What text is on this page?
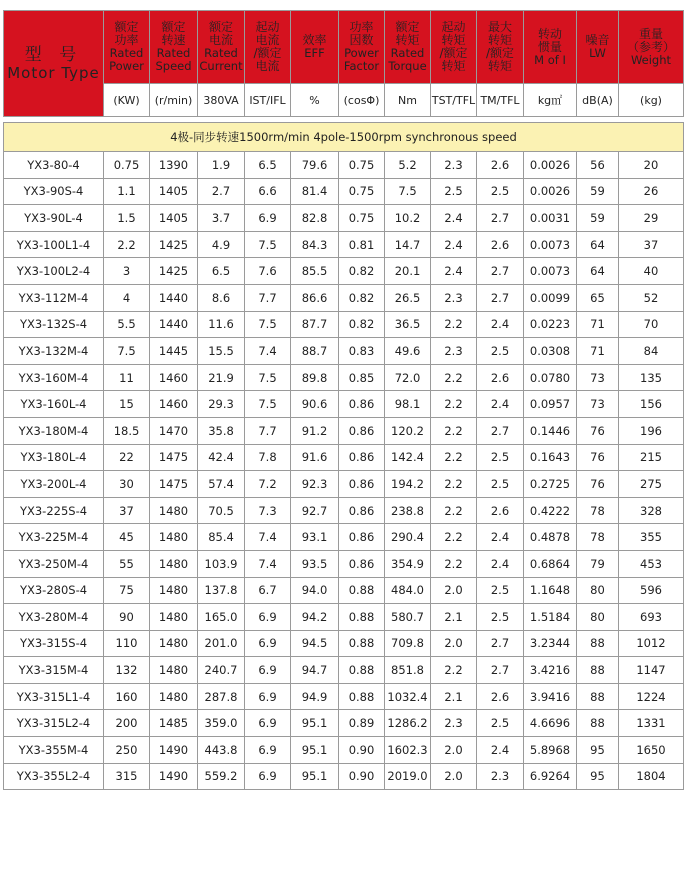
型 号
Motor Type	额定
功率
Rated
Power	额定
转速
Rated
Speed	额定
电流
Rated
Current	起动
电流
/额定
电流	效率
EFF	功率
因数
Power
Factor	额定
转矩
Rated
Torque	起动
转矩
/额定
转矩	最大
转矩
/额定
转矩	转动
惯量
M of I	噪音
LW	重量
（参考）
Weight

	(KW)	(r/min)	380VA	IST/IFL	%	(cosΦ)	Nm	TST/TFL	TM/TFL	kg㎡	dB(A)	(kg)

4极-同步转速1500rm/min 4pole-1500rpm synchronous speed												
YX3-80-4	0.75	1390	1.9	6.5	79.6	0.75	5.2	2.3	2.6	0.0026	56	20
YX3-90S-4	1.1	1405	2.7	6.6	81.4	0.75	7.5	2.5	2.5	0.0026	59	26
YX3-90L-4	1.5	1405	3.7	6.9	82.8	0.75	10.2	2.4	2.7	0.0031	59	29
YX3-100L1-4	2.2	1425	4.9	7.5	84.3	0.81	14.7	2.4	2.6	0.0073	64	37
YX3-100L2-4	3	1425	6.5	7.6	85.5	0.82	20.1	2.4	2.7	0.0073	64	40
YX3-112M-4	4	1440	8.6	7.7	86.6	0.82	26.5	2.3	2.7	0.0099	65	52
YX3-132S-4	5.5	1440	11.6	7.5	87.7	0.82	36.5	2.2	2.4	0.0223	71	70
YX3-132M-4	7.5	1445	15.5	7.4	88.7	0.83	49.6	2.3	2.5	0.0308	71	84
YX3-160M-4	11	1460	21.9	7.5	89.8	0.85	72.0	2.2	2.6	0.0780	73	135
YX3-160L-4	15	1460	29.3	7.5	90.6	0.86	98.1	2.2	2.4	0.0957	73	156
YX3-180M-4	18.5	1470	35.8	7.7	91.2	0.86	120.2	2.2	2.7	0.1446	76	196
YX3-180L-4	22	1475	42.4	7.8	91.6	0.86	142.4	2.2	2.5	0.1643	76	215
YX3-200L-4	30	1475	57.4	7.2	92.3	0.86	194.2	2.2	2.5	0.2725	76	275
YX3-225S-4	37	1480	70.5	7.3	92.7	0.86	238.8	2.2	2.6	0.4222	78	328
YX3-225M-4	45	1480	85.4	7.4	93.1	0.86	290.4	2.2	2.4	0.4878	78	355
YX3-250M-4	55	1480	103.9	7.4	93.5	0.86	354.9	2.2	2.4	0.6864	79	453
YX3-280S-4	75	1480	137.8	6.7	94.0	0.88	484.0	2.0	2.5	1.1648	80	596
YX3-280M-4	90	1480	165.0	6.9	94.2	0.88	580.7	2.1	2.5	1.5184	80	693
YX3-315S-4	110	1480	201.0	6.9	94.5	0.88	709.8	2.0	2.7	3.2344	88	1012
YX3-315M-4	132	1480	240.7	6.9	94.7	0.88	851.8	2.2	2.7	3.4216	88	1147
YX3-315L1-4	160	1480	287.8	6.9	94.9	0.88	1032.4	2.1	2.6	3.9416	88	1224
YX3-315L2-4	200	1485	359.0	6.9	95.1	0.89	1286.2	2.3	2.5	4.6696	88	1331
YX3-355M-4	250	1490	443.8	6.9	95.1	0.90	1602.3	2.0	2.4	5.8968	95	1650
YX3-355L2-4	315	1490	559.2	6.9	95.1	0.90	2019.0	2.0	2.3	6.9264	95	1804
